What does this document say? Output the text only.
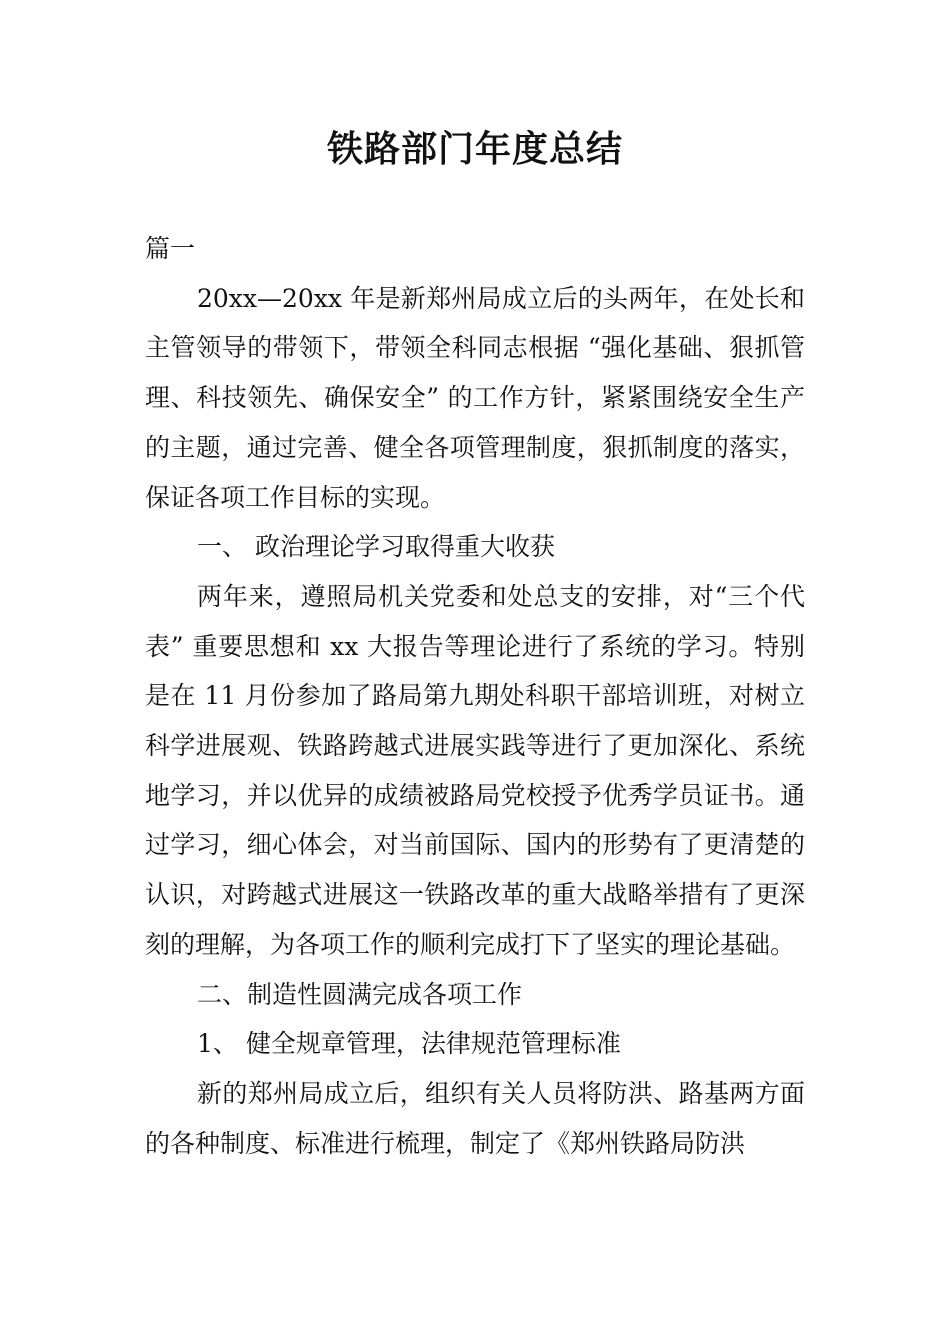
铁路部门年度总结

篇一

20xx—20xx 年是新郑州局成立后的头两年，在处长和主管领导的带领下，带领全科同志根据 “强化基础、狠抓管理、科技领先、确保安全” 的工作方针，紧紧围绕安全生产的主题，通过完善、健全各项管理制度，狠抓制度的落实，保证各项工作目标的实现。

一、 政治理论学习取得重大收获

两年来，遵照局机关党委和处总支的安排，对“三个代表” 重要思想和 xx 大报告等理论进行了系统的学习。特别是在 11 月份参加了路局第九期处科职干部培训班，对树立科学进展观、铁路跨越式进展实践等进行了更加深化、系统地学习，并以优异的成绩被路局党校授予优秀学员证书。通过学习，细心体会，对当前国际、国内的形势有了更清楚的认识，对跨越式进展这一铁路改革的重大战略举措有了更深刻的理解，为各项工作的顺利完成打下了坚实的理论基础。

二、制造性圆满完成各项工作

1、 健全规章管理，法律规范管理标准

新的郑州局成立后，组织有关人员将防洪、路基两方面的各种制度、标准进行梳理，制定了《郑州铁路局防洪
